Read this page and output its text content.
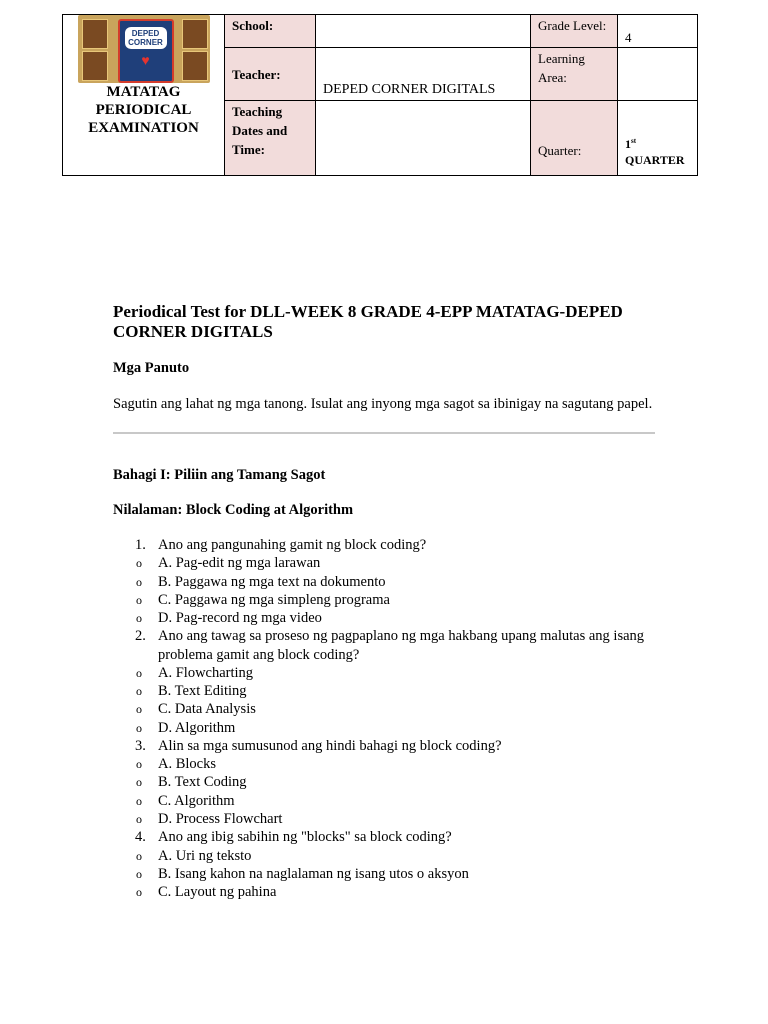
DEPED CORNER
♥
MATATAG PERIODICAL EXAMINATION	School:		Grade Level:	4
	Teacher:	DEPED CORNER DIGITALS	Learning Area:	
	Teaching Dates and Time:		Quarter:	1st
QUARTER
Periodical Test for DLL-WEEK 8 GRADE 4-EPP MATATAG-DEPED CORNER DIGITALS
Mga Panuto

Sagutin ang lahat ng mga tanong. Isulat ang inyong mga sagot sa ibinigay na sagutang papel.

Bahagi I: Piliin ang Tamang Sagot
Nilalaman: Block Coding at Algorithm
1. Ano ang pangunahing gamit ng block coding?
o A. Pag-edit ng mga larawan
o B. Paggawa ng mga text na dokumento
o C. Paggawa ng mga simpleng programa
o D. Pag-record ng mga video
2. Ano ang tawag sa proseso ng pagpaplano ng mga hakbang upang malutas ang isang problema gamit ang block coding?
o A. Flowcharting
o B. Text Editing
o C. Data Analysis
o D. Algorithm
3. Alin sa mga sumusunod ang hindi bahagi ng block coding?
o A. Blocks
o B. Text Coding
o C. Algorithm
o D. Process Flowchart
4. Ano ang ibig sabihin ng "blocks" sa block coding?
o A. Uri ng teksto
o B. Isang kahon na naglalaman ng isang utos o aksyon
o C. Layout ng pahina
